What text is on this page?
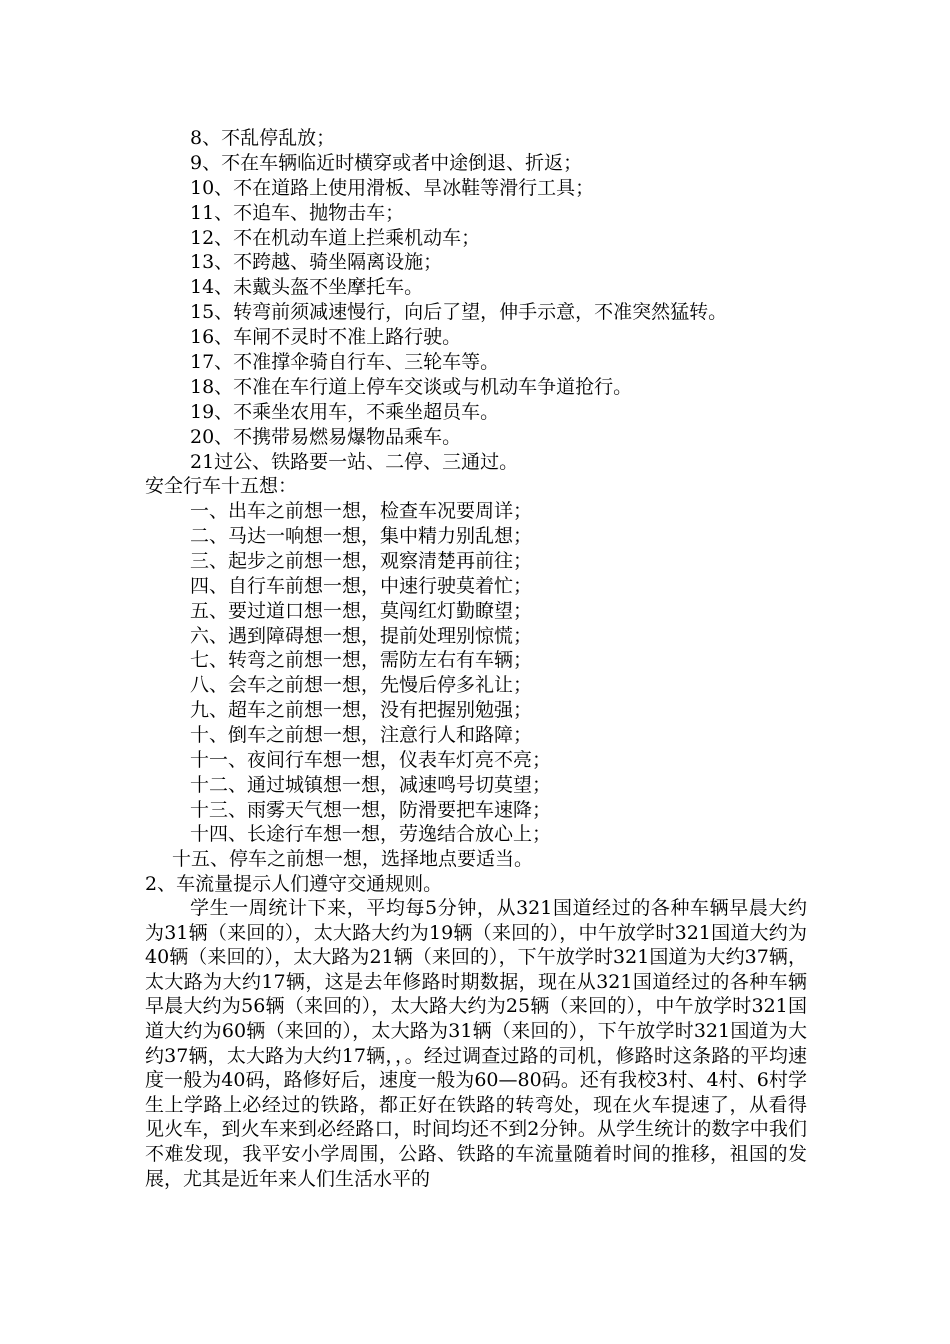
8、不乱停乱放；
9、不在车辆临近时横穿或者中途倒退、折返；
10、不在道路上使用滑板、旱冰鞋等滑行工具；
11、不追车、抛物击车；
12、不在机动车道上拦乘机动车；
13、不跨越、骑坐隔离设施；
14、未戴头盔不坐摩托车。
15、转弯前须减速慢行，向后了望，伸手示意，不准突然猛转。
16、车闸不灵时不准上路行驶。
17、不准撑伞骑自行车、三轮车等。
18、不准在车行道上停车交谈或与机动车争道抢行。
19、不乘坐农用车，不乘坐超员车。
20、不携带易燃易爆物品乘车。
21过公、铁路要一站、二停、三通过。
安全行车十五想：
一、出车之前想一想，检查车况要周详；
二、马达一响想一想，集中精力别乱想；
三、起步之前想一想，观察清楚再前往；
四、自行车前想一想，中速行驶莫着忙；
五、要过道口想一想，莫闯红灯勤瞭望；
六、遇到障碍想一想，提前处理别惊慌；
七、转弯之前想一想，需防左右有车辆；
八、会车之前想一想，先慢后停多礼让；
九、超车之前想一想，没有把握别勉强；
十、倒车之前想一想，注意行人和路障；
十一、夜间行车想一想，仪表车灯亮不亮；
十二、通过城镇想一想，减速鸣号切莫望；
十三、雨雾天气想一想，防滑要把车速降；
十四、长途行车想一想，劳逸结合放心上；
十五、停车之前想一想，选择地点要适当。
2、车流量提示人们遵守交通规则。
学生一周统计下来，平均每5分钟，从321国道经过的各种车辆早晨大约为31辆（来回的），太大路大约为19辆（来回的），中午放学时321国道大约为40辆（来回的），太大路为21辆（来回的），下午放学时321国道为大约37辆，太大路为大约17辆，这是去年修路时期数据，现在从321国道经过的各种车辆早晨大约为56辆（来回的），太大路大约为25辆（来回的），中午放学时321国道大约为60辆（来回的），太大路为31辆（来回的），下午放学时321国道为大约37辆，太大路为大约17辆，，。经过调查过路的司机，修路时这条路的平均速度一般为40码，路修好后，速度一般为60—80码。还有我校3村、4村、6村学生上学路上必经过的铁路，都正好在铁路的转弯处，现在火车提速了，从看得见火车，到火车来到必经路口，时间均还不到2分钟。从学生统计的数字中我们不难发现，我平安小学周围，公路、铁路的车流量随着时间的推移，祖国的发展，尤其是近年来人们生活水平的
